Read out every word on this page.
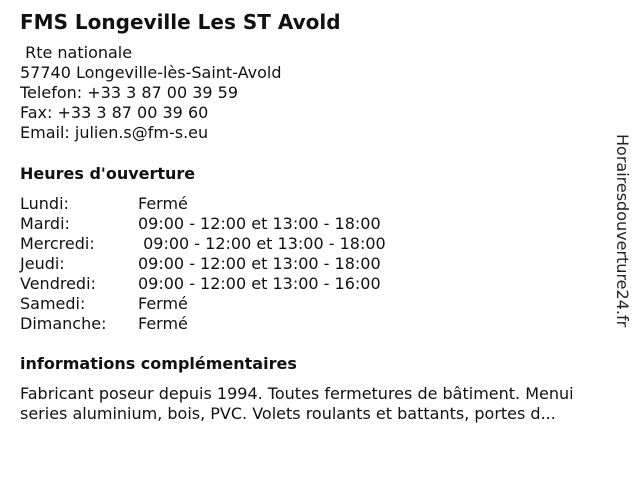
FMS Longeville Les ST Avold
Rte nationale
57740 Longeville-lès-Saint-Avold
Telefon: +33 3 87 00 39 59
Fax: +33 3 87 00 39 60
Email: julien.s@fm-s.eu
Heures d'ouverture
Lundi:	Fermé
Mardi:	09:00 - 12:00 et 13:00 - 18:00
Mercredi:	09:00 - 12:00 et 13:00 - 18:00
Jeudi:	09:00 - 12:00 et 13:00 - 18:00
Vendredi:	09:00 - 12:00 et 13:00 - 16:00
Samedi:	Fermé
Dimanche: Fermé
informations complémentaires
Fabricant poseur depuis 1994. Toutes fermetures de bâtiment. Menui
series aluminium, bois, PVC. Volets roulants et battants, portes d...
Horairesdouverture24.fr
